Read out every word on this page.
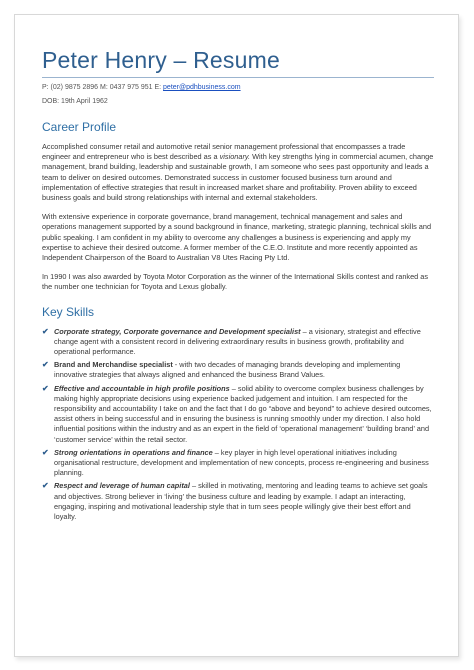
Peter Henry – Resume
P: (02) 9875 2896 M: 0437 975 951 E: peter@pdhbusiness.com
DOB: 19th April 1962
Career Profile

Accomplished consumer retail and automotive retail senior management professional that encompasses a trade engineer and entrepreneur who is best described as a visionary. With key strengths lying in commercial acumen, change management, brand building, leadership and sustainable growth, I am someone who sees past opportunity and leads a team to deliver on desired outcomes. Demonstrated success in customer focused business turn around and implementation of effective strategies that result in increased market share and profitability. Proven ability to exceed business goals and build strong relationships with internal and external stakeholders.

With extensive experience in corporate governance, brand management, technical management and sales and operations management supported by a sound background in finance, marketing, strategic planning, technical skills and public speaking. I am confident in my ability to overcome any challenges a business is experiencing and apply my expertise to achieve their desired outcome. A former member of the C.E.O. Institute and more recently appointed as Independent Chairperson of the Board to Australian V8 Utes Racing Pty Ltd.

In 1990 I was also awarded by Toyota Motor Corporation as the winner of the International Skills contest and ranked as the number one technician for Toyota and Lexus globally.

Key Skills
✔ Corporate strategy, Corporate governance and Development specialist – a visionary, strategist and effective change agent with a consistent record in delivering extraordinary results in business growth, profitability and operational performance.
✔ Brand and Merchandise specialist - with two decades of managing brands developing and implementing innovative strategies that always aligned and enhanced the business Brand Values.
✔ Effective and accountable in high profile positions – solid ability to overcome complex business challenges by making highly appropriate decisions using experience backed judgement and intuition. I am respected for the responsibility and accountability I take on and the fact that I do go “above and beyond” to achieve desired outcomes, assist others in being successful and in ensuring the business is running smoothly under my direction. I also hold influential positions within the industry and as an expert in the field of ‘operational management’ ‘building brand’ and ‘customer service’ within the retail sector.
✔ Strong orientations in operations and finance – key player in high level operational initiatives including organisational restructure, development and implementation of new concepts, process re-engineering and business planning.
✔ Respect and leverage of human capital – skilled in motivating, mentoring and leading teams to achieve set goals and objectives. Strong believer in ‘living’ the business culture and leading by example. I adapt an interacting, engaging, inspiring and motivational leadership style that in turn sees people willingly give their best effort and loyalty.
